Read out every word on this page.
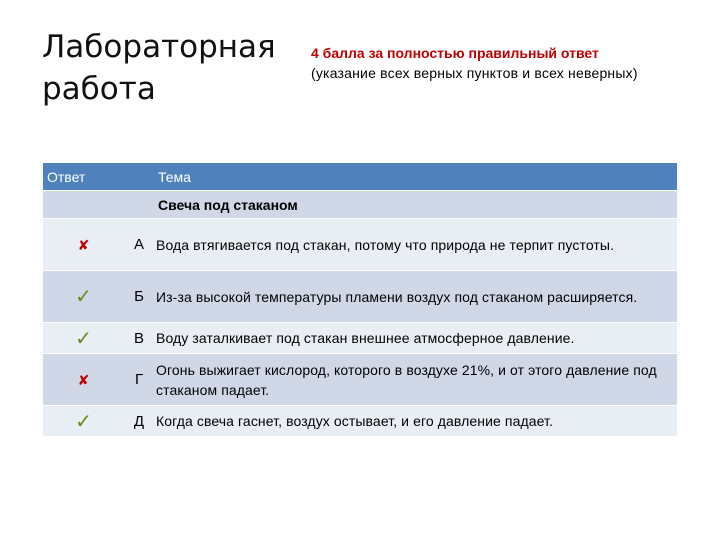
Лабораторная работа
4 балла за полностью правильный ответ
(указание всех верных пунктов и всех неверных)
Ответ		Тема
		Свеча под стаканом
✘	А	Вода втягивается под стакан, потому что природа не терпит пустоты.
✓	Б	Из-за высокой температуры пламени воздух под стаканом расширяется.
✓	В	Воду заталкивает под стакан внешнее атмосферное давление.
✘	Г	Огонь выжигает кислород, которого в воздухе 21%, и от этого давление под стаканом падает.
✓	Д	Когда свеча гаснет, воздух остывает, и его давление падает.
